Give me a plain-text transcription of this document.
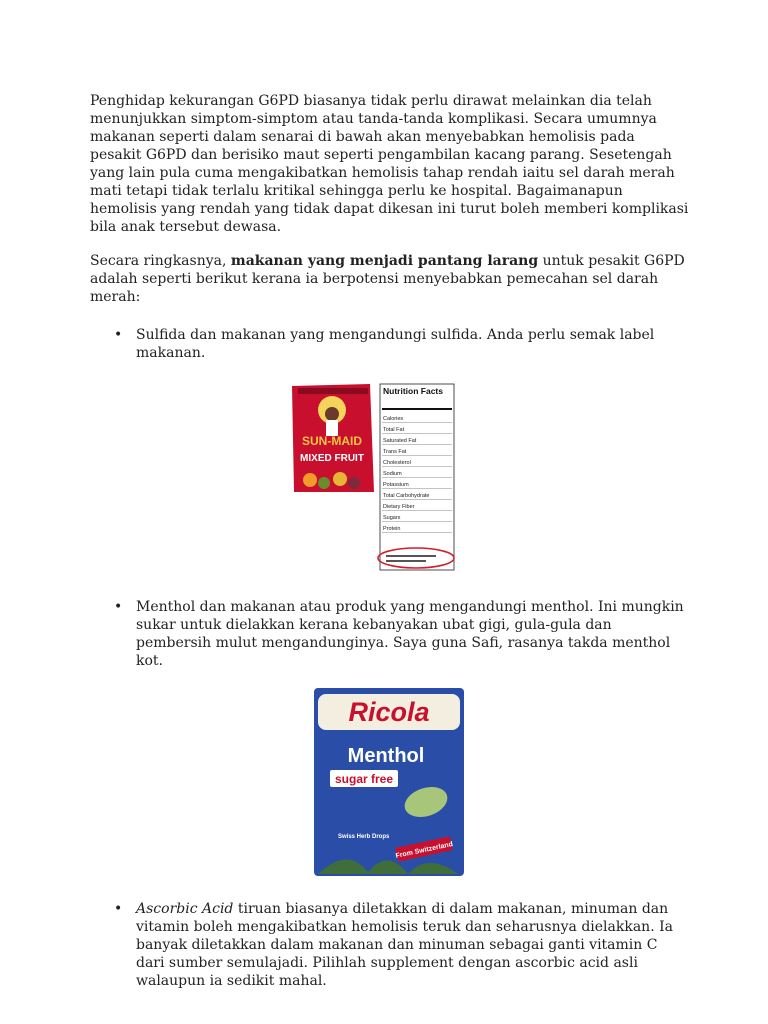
Penghidap kekurangan G6PD biasanya tidak perlu dirawat melainkan dia telah menunjukkan simptom-simptom atau tanda-tanda komplikasi. Secara umumnya makanan seperti dalam senarai di bawah akan menyebabkan hemolisis pada pesakit G6PD dan berisiko maut seperti pengambilan kacang parang. Sesetengah yang lain pula cuma mengakibatkan hemolisis tahap rendah iaitu sel darah merah mati tetapi tidak terlalu kritikal sehingga perlu ke hospital. Bagaimanapun hemolisis yang rendah yang tidak dapat dikesan ini turut boleh memberi komplikasi bila anak tersebut dewasa.

Secara ringkasnya, makanan yang menjadi pantang larang untuk pesakit G6PD adalah seperti berikut kerana ia berpotensi menyebabkan pemecahan sel darah merah:

• Sulfida dan makanan yang mengandungi sulfida. Anda perlu semak label makanan.
SUN-MAID
MIXED FRUIT
Nutrition Facts
Calories
Total Fat
Saturated Fat
Trans Fat
Cholesterol
Sodium
Potassium
Total Carbohydrate
Dietary Fiber
Sugars
Protein
• Menthol dan makanan atau produk yang mengandungi menthol. Ini mungkin sukar untuk dielakkan kerana kebanyakan ubat gigi, gula-gula dan pembersih mulut mengandunginya. Saya guna Safi, rasanya takda menthol kot.
Ricola
Menthol
sugar free
Swiss Herb Drops
From Switzerland
• Ascorbic Acid tiruan biasanya diletakkan di dalam makanan, minuman dan vitamin boleh mengakibatkan hemolisis teruk dan seharusnya dielakkan. Ia banyak diletakkan dalam makanan dan minuman sebagai ganti vitamin C dari sumber semulajadi. Pilihlah supplement dengan ascorbic acid asli walaupun ia sedikit mahal.
